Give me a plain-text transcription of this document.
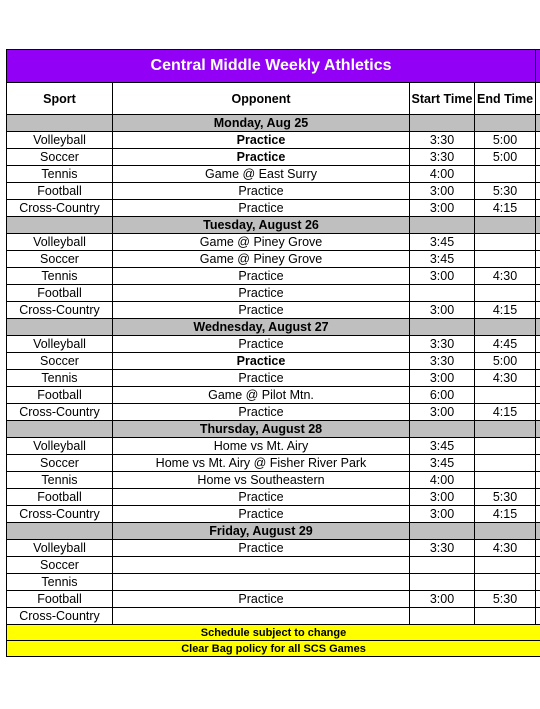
Central Middle Weekly Athletics				
Sport	Opponent	Start Time	End Time	
	Monday, Aug 25			
Volleyball	Practice	3:30	5:00	
Soccer	Practice	3:30	5:00	
Tennis	Game @ East Surry	4:00		
Football	Practice	3:00	5:30	
Cross-Country	Practice	3:00	4:15	
	Tuesday, August 26			
Volleyball	Game @ Piney Grove	3:45		
Soccer	Game @ Piney Grove	3:45		
Tennis	Practice	3:00	4:30	
Football	Practice			
Cross-Country	Practice	3:00	4:15	
	Wednesday, August 27			
Volleyball	Practice	3:30	4:45	
Soccer	Practice	3:30	5:00	
Tennis	Practice	3:00	4:30	
Football	Game @ Pilot Mtn.	6:00		
Cross-Country	Practice	3:00	4:15	
	Thursday, August 28			
Volleyball	Home vs Mt. Airy	3:45		
Soccer	Home vs Mt. Airy @ Fisher River Park	3:45		
Tennis	Home vs Southeastern	4:00		
Football	Practice	3:00	5:30	
Cross-Country	Practice	3:00	4:15	
	Friday, August 29			
Volleyball	Practice	3:30	4:30	
Soccer				
Tennis				
Football	Practice	3:00	5:30	
Cross-Country				
Schedule subject to change				
Clear Bag policy for all SCS Games				
